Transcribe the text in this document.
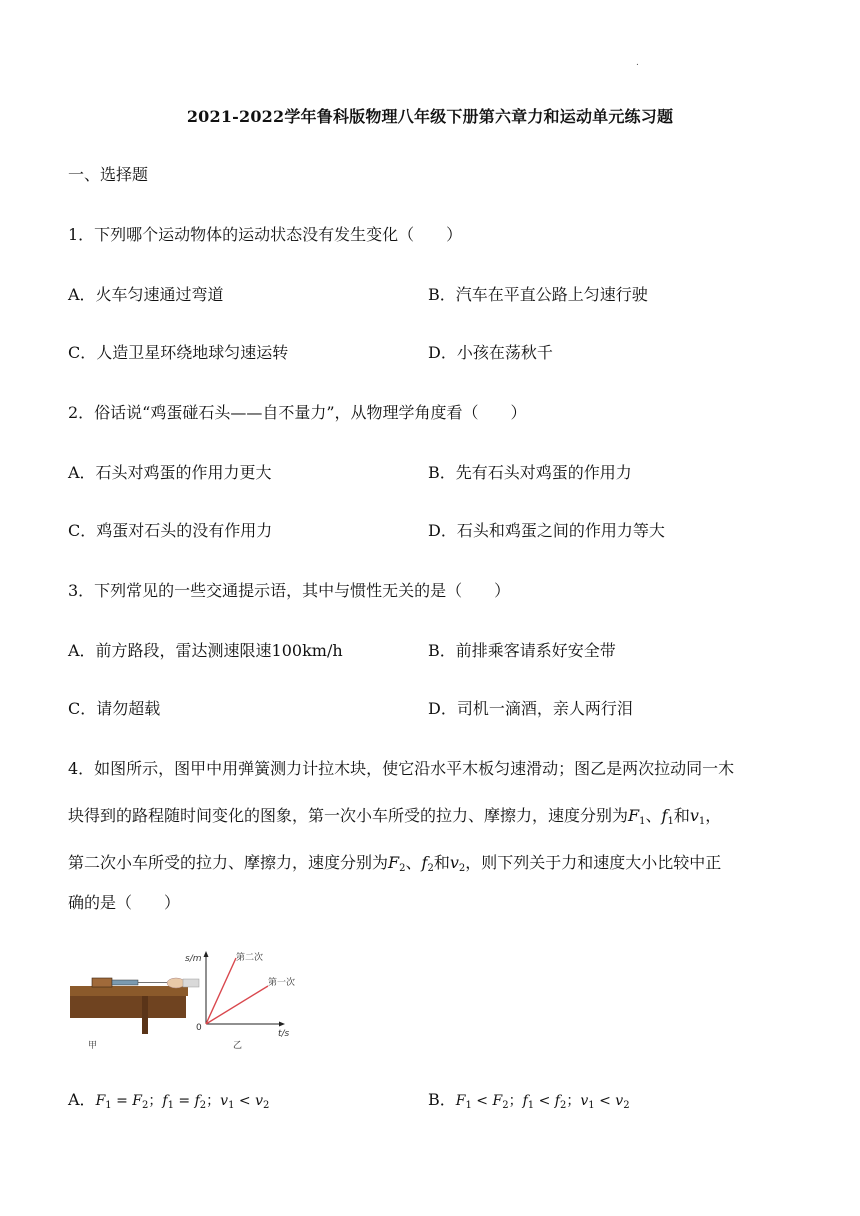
.
2021-2022学年鲁科版物理八年级下册第六章力和运动单元练习题
一、选择题
1．下列哪个运动物体的运动状态没有发生变化（　　）
A．火车匀速通过弯道	B．汽车在平直公路上匀速行驶
C．人造卫星环绕地球匀速运转	D．小孩在荡秋千
2．俗话说“鸡蛋碰石头——自不量力”，从物理学角度看（　　）
A．石头对鸡蛋的作用力更大	B．先有石头对鸡蛋的作用力
C．鸡蛋对石头的没有作用力	D．石头和鸡蛋之间的作用力等大
3．下列常见的一些交通提示语，其中与惯性无关的是（　　）
A．前方路段，雷达测速限速100km/h	B．前排乘客请系好安全带
C．请勿超载	D．司机一滴酒，亲人两行泪
4．如图所示，图甲中用弹簧测力计拉木块，使它沿水平木板匀速滑动；图乙是两次拉动同一木
块得到的路程随时间变化的图象，第一次小车所受的拉力、摩擦力，速度分别为$F_1$、$f_1$和$v_1$，
第二次小车所受的拉力、摩擦力，速度分别为$F_2$、$f_2$和$v_2$，则下列关于力和速度大小比较中正
确的是（　　）
甲
s/m
t/s
0
第二次
第一次
乙
A．$F_1 = F_2$；$f_1 = f_2$；$v_1 < v_2$	B．$F_1 < F_2$；$f_1 < f_2$；$v_1 < v_2$
